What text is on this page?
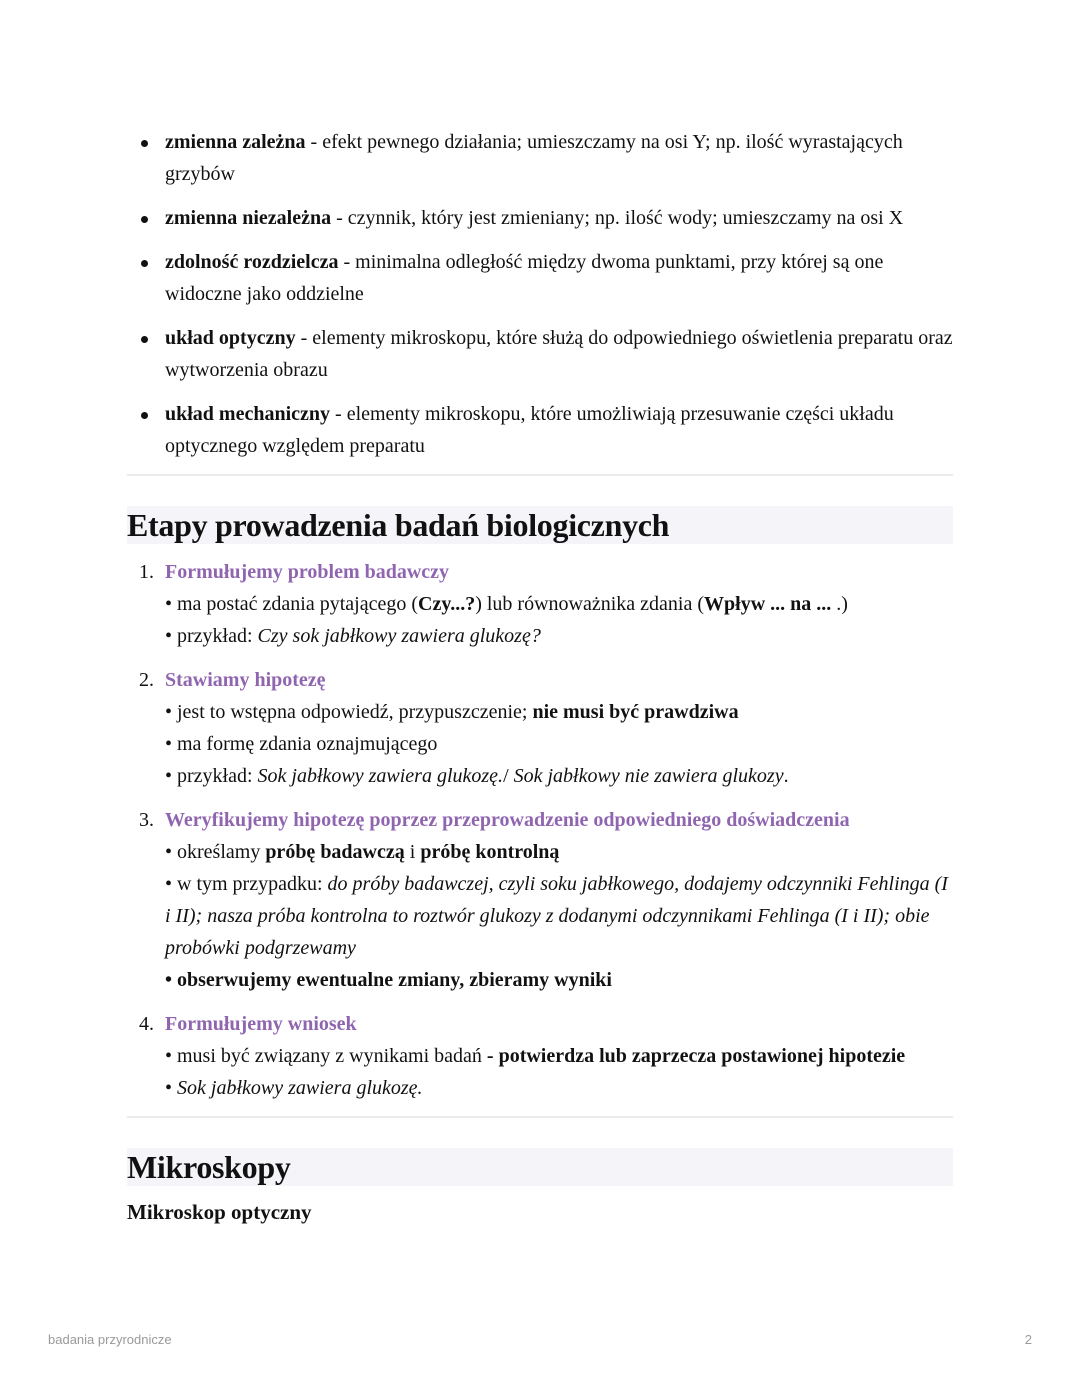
zmienna zależna - efekt pewnego działania; umieszczamy na osi Y; np. ilość wyrastających grzybów
zmienna niezależna - czynnik, który jest zmieniany; np. ilość wody; umieszczamy na osi X
zdolność rozdzielcza - minimalna odległość między dwoma punktami, przy której są one widoczne jako oddzielne
układ optyczny - elementy mikroskopu, które służą do odpowiedniego oświetlenia preparatu oraz wytworzenia obrazu
układ mechaniczny - elementy mikroskopu, które umożliwiają przesuwanie części układu optycznego względem preparatu
Etapy prowadzenia badań biologicznych
1. Formułujemy problem badawczy
• ma postać zdania pytającego (Czy...?) lub równoważnika zdania (Wpływ ... na ... .)
• przykład: Czy sok jabłkowy zawiera glukozę?
2. Stawiamy hipotezę
• jest to wstępna odpowiedź, przypuszczenie; nie musi być prawdziwa
• ma formę zdania oznajmującego
• przykład: Sok jabłkowy zawiera glukozę./ Sok jabłkowy nie zawiera glukozy.
3. Weryfikujemy hipotezę poprzez przeprowadzenie odpowiedniego doświadczenia
• określamy próbę badawczą i próbę kontrolną
• w tym przypadku: do próby badawczej, czyli soku jabłkowego, dodajemy odczynniki Fehlinga (I i II); nasza próba kontrolna to roztwór glukozy z dodanymi odczynnikami Fehlinga (I i II); obie probówki podgrzewamy
• obserwujemy ewentualne zmiany, zbieramy wyniki
4. Formułujemy wniosek
• musi być związany z wynikami badań - potwierdza lub zaprzecza postawionej hipotezie
• Sok jabłkowy zawiera glukozę.
Mikroskopy
Mikroskop optyczny
badania przyrodnicze	2
